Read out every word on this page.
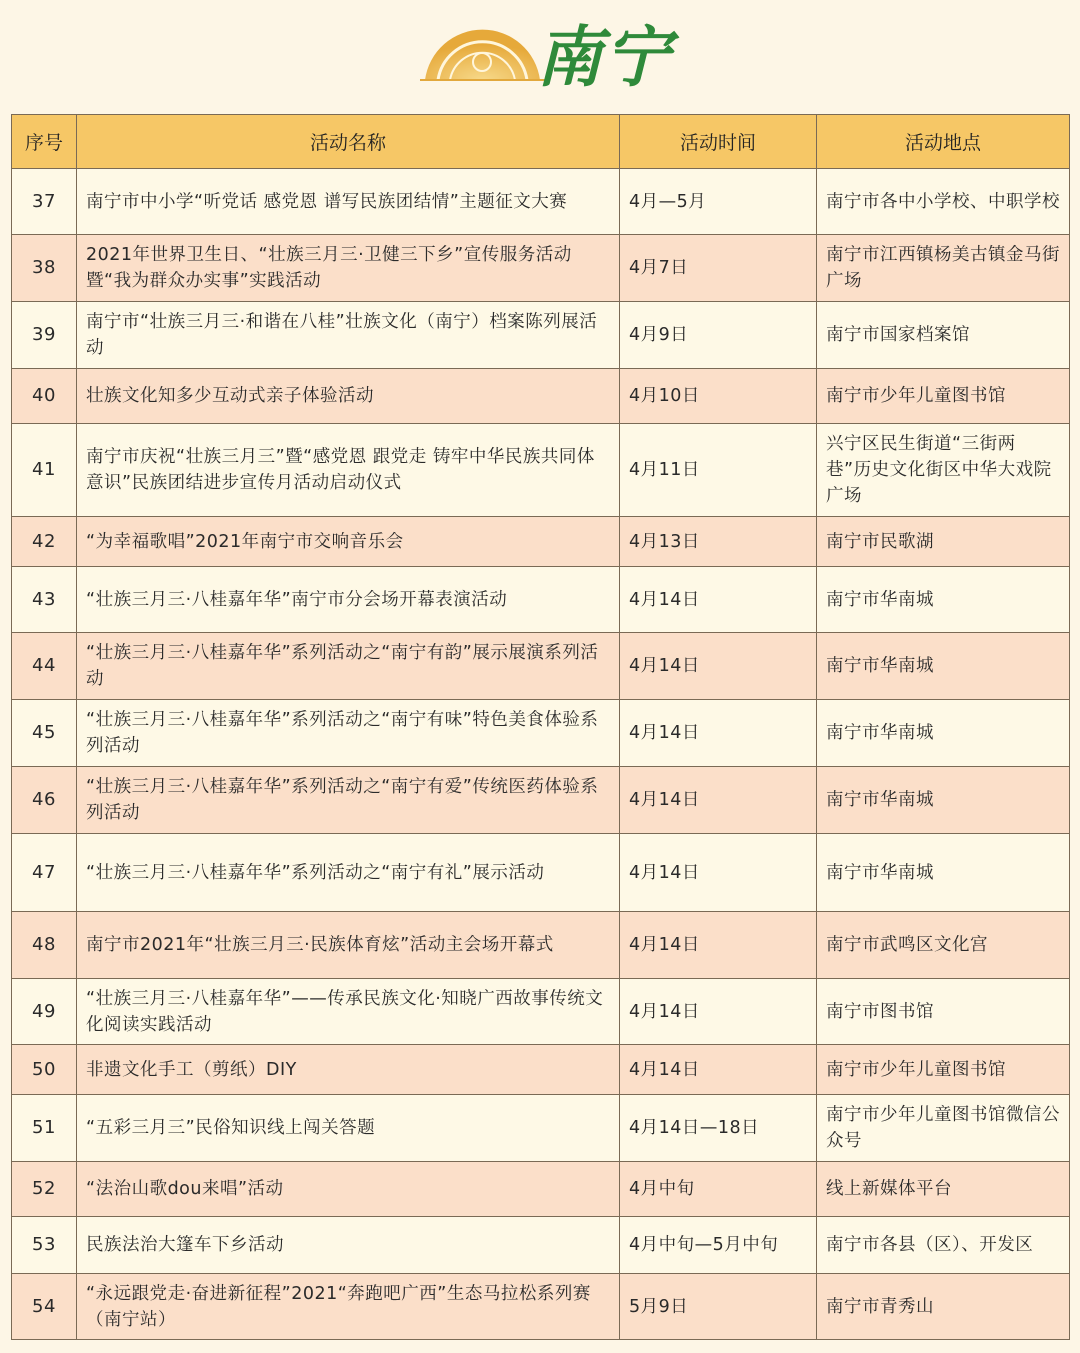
南宁
序号	活动名称	活动时间	活动地点
37	南宁市中小学“听党话 感党恩 谱写民族团结情”主题征文大赛	4月—5月	南宁市各中小学校、中职学校
38	2021年世界卫生日、“壮族三月三·卫健三下乡”宣传服务活动暨“我为群众办实事”实践活动	4月7日	南宁市江西镇杨美古镇金马街广场
39	南宁市“壮族三月三·和谐在八桂”壮族文化（南宁）档案陈列展活动	4月9日	南宁市国家档案馆
40	壮族文化知多少互动式亲子体验活动	4月10日	南宁市少年儿童图书馆
41	南宁市庆祝“壮族三月三”暨“感党恩 跟党走 铸牢中华民族共同体意识”民族团结进步宣传月活动启动仪式	4月11日	兴宁区民生街道“三街两巷”历史文化街区中华大戏院广场
42	“为幸福歌唱”2021年南宁市交响音乐会	4月13日	南宁市民歌湖
43	“壮族三月三·八桂嘉年华”南宁市分会场开幕表演活动	4月14日	南宁市华南城
44	“壮族三月三·八桂嘉年华”系列活动之“南宁有韵”展示展演系列活动	4月14日	南宁市华南城
45	“壮族三月三·八桂嘉年华”系列活动之“南宁有味”特色美食体验系列活动	4月14日	南宁市华南城
46	“壮族三月三·八桂嘉年华”系列活动之“南宁有爱”传统医药体验系列活动	4月14日	南宁市华南城
47	“壮族三月三·八桂嘉年华”系列活动之“南宁有礼”展示活动	4月14日	南宁市华南城
48	南宁市2021年“壮族三月三·民族体育炫”活动主会场开幕式	4月14日	南宁市武鸣区文化宫
49	“壮族三月三·八桂嘉年华”——传承民族文化·知晓广西故事传统文化阅读实践活动	4月14日	南宁市图书馆
50	非遗文化手工（剪纸）DIY	4月14日	南宁市少年儿童图书馆
51	“五彩三月三”民俗知识线上闯关答题	4月14日—18日	南宁市少年儿童图书馆微信公众号
52	“法治山歌dou来唱”活动	4月中旬	线上新媒体平台
53	民族法治大篷车下乡活动	4月中旬—5月中旬	南宁市各县（区）、开发区
54	“永远跟党走·奋进新征程”2021“奔跑吧广西”生态马拉松系列赛（南宁站）	5月9日	南宁市青秀山
